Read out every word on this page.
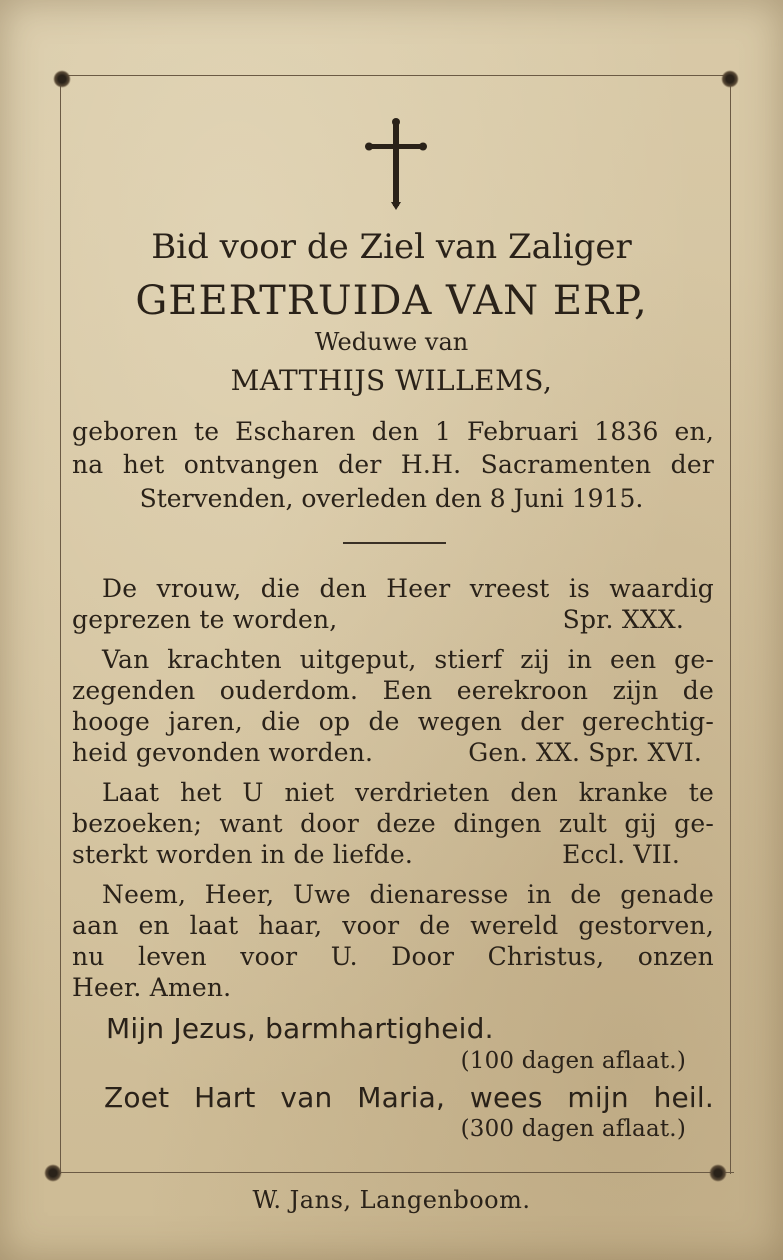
Bid voor de Ziel van Zaliger
GEERTRUIDA VAN ERP,
Weduwe van
MATTHIJS WILLEMS,
geboren te Escharen den 1 Februari 1836 en,
na het ontvangen der H.H. Sacramenten der
Stervenden, overleden den 8 Juni 1915.
De vrouw, die den Heer vreest is waardig
geprezen te worden,	Spr. XXX.
Van krachten uitgeput, stierf zij in een ge-
zegenden ouderdom. Een eerekroon zijn de
hooge jaren, die op de wegen der gerechtig-
heid gevonden worden.	Gen. XX. Spr. XVI.
Laat het U niet verdrieten den kranke te
bezoeken; want door deze dingen zult gij ge-
sterkt worden in de liefde.	Eccl. VII.
Neem, Heer, Uwe dienaresse in de genade
aan en laat haar, voor de wereld gestorven,
nu leven voor U. Door Christus, onzen
Heer. Amen.
Mijn Jezus, barmhartigheid.
(100 dagen aflaat.)
Zoet Hart van Maria, wees mijn heil.
(300 dagen aflaat.)
W. Jans, Langenboom.
